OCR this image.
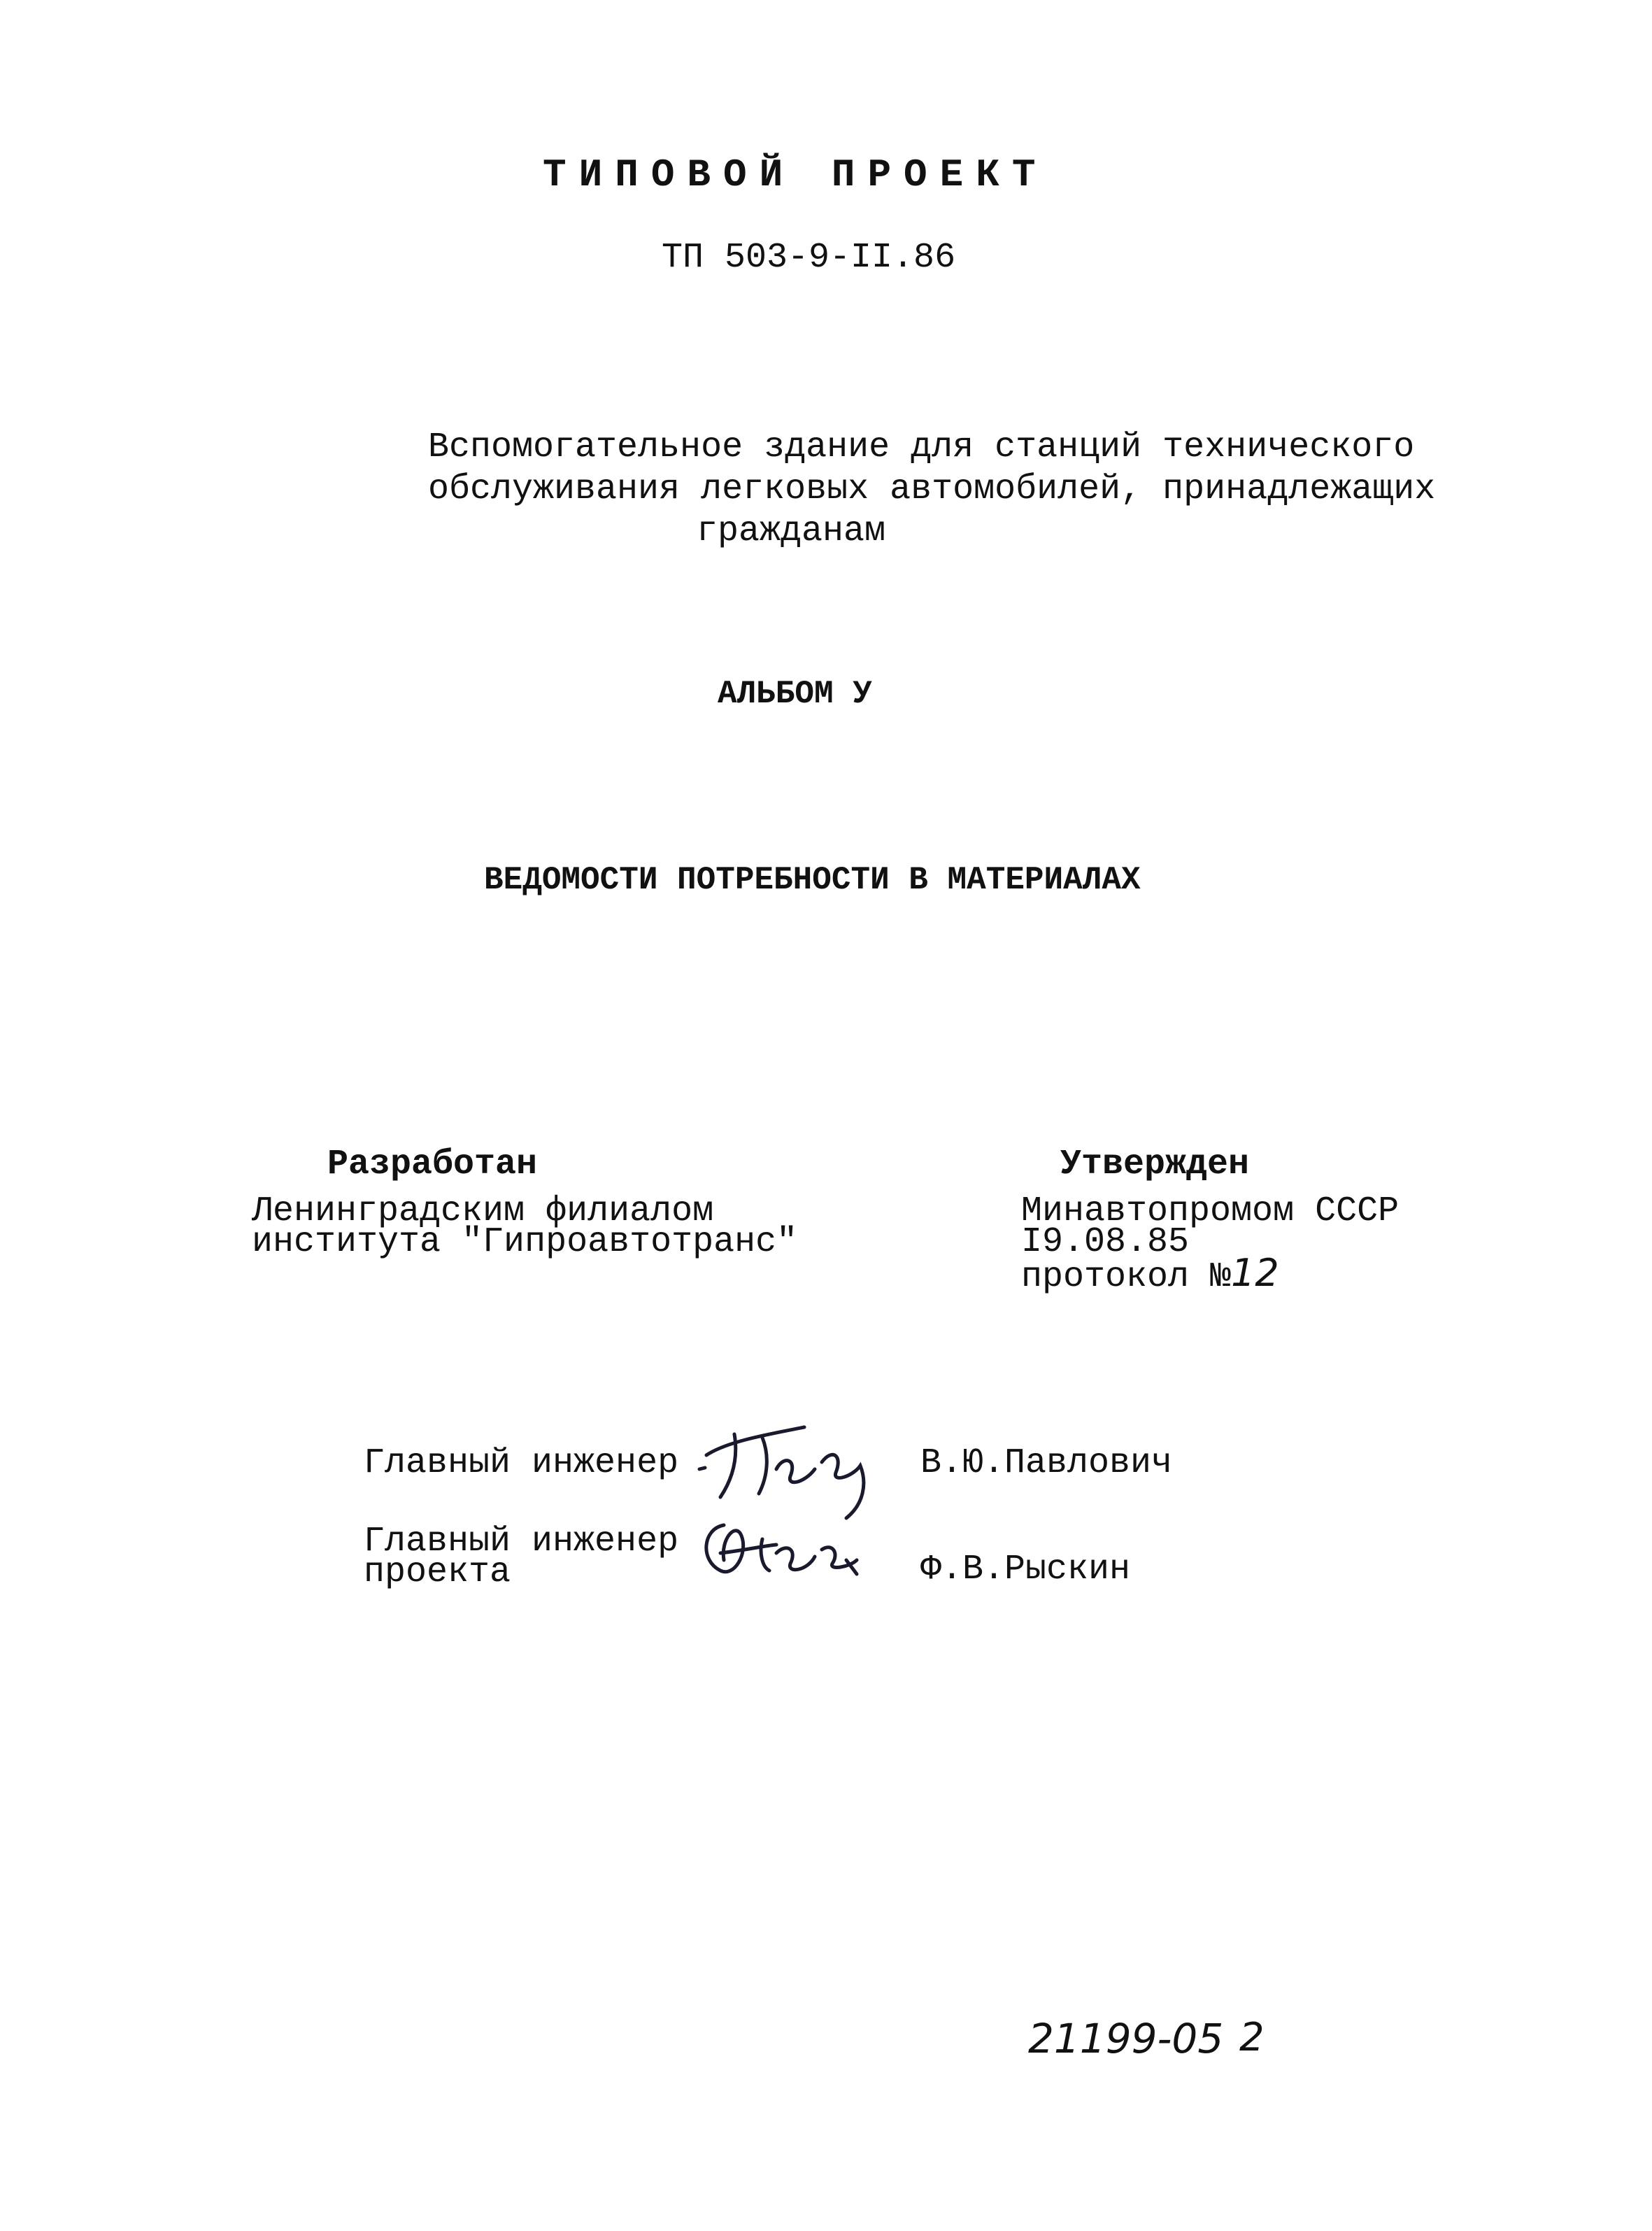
ТИПОВОЙ ПРОЕКТ
ТП 503-9-II.86
Вспомогательное здание для станций технического
обслуживания легковых автомобилей, принадлежащих
гражданам
АЛЬБОМ У
ВЕДОМОСТИ ПОТРЕБНОСТИ В МАТЕРИАЛАХ
Разработан
Ленинградским филиалом
института "Гипроавтотранс"
Утвержден
Минавтопромом СССР
I9.08.85
протокол №12
Главный инженер	В.Ю.Павлович
Главный инженер
проекта	Ф.В.Рыскин
21199-05 2
